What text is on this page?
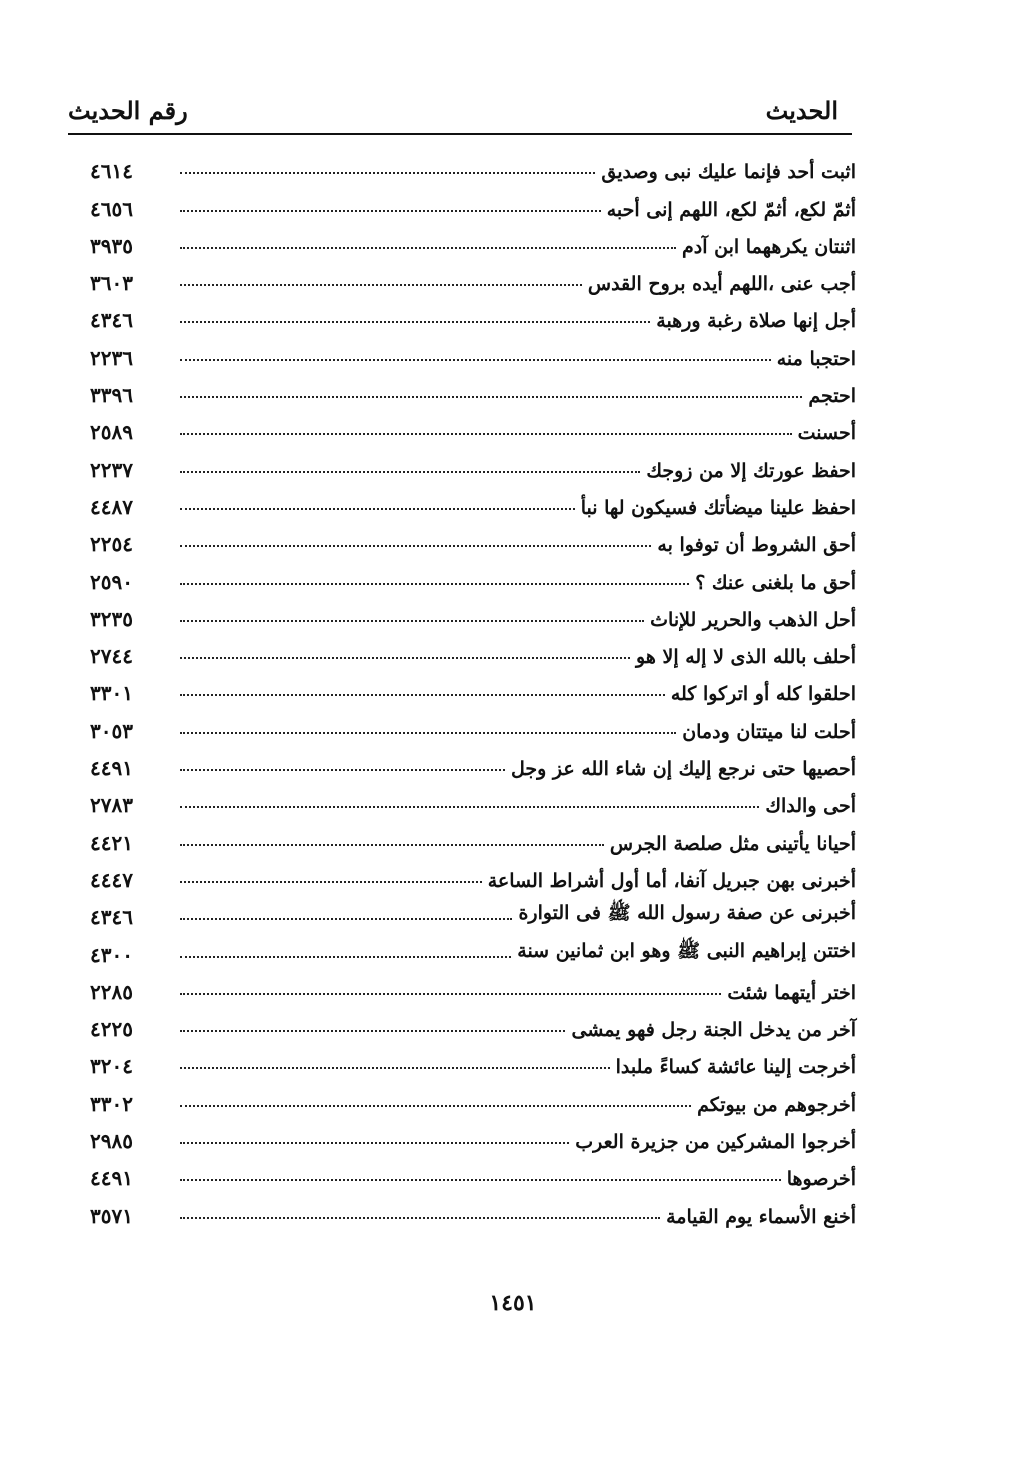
الحديث
رقم الحديث
اثبت أحد فإنما عليك نبى وصديق
٤٦١٤
أثمّ لكع، أثمّ لكع، اللهم إنى أحبه
٤٦٥٦
اثنتان يكرههما ابن آدم
٣٩٣٥
أجب عنى ،اللهم أيده بروح القدس
٣٦٠٣
أجل إنها صلاة رغبة ورهبة
٤٣٤٦
احتجبا منه
٢٢٣٦
احتجم
٣٣٩٦
أحسنت
٢٥٨٩
احفظ عورتك إلا من زوجك
٢٢٣٧
احفظ علينا ميضأتك فسيكون لها نبأ
٤٤٨٧
أحق الشروط أن توفوا به
٢٢٥٤
أحق ما بلغنى عنك ؟
٢٥٩٠
أحل الذهب والحرير للإناث
٣٢٣٥
أحلف بالله الذى لا إله إلا هو
٢٧٤٤
احلقوا كله أو اتركوا كله
٣٣٠١
أحلت لنا ميتتان ودمان
٣٠٥٣
أحصيها حتى نرجع إليك إن شاء الله عز وجل
٤٤٩١
أحى والداك
٢٧٨٣
أحيانا يأتينى مثل صلصة الجرس
٤٤٢١
أخبرنى بهن جبريل آنفا، أما أول أشراط الساعة
٤٤٤٧
أخبرنى عن صفة رسول الله ﷺ فى التوارة
٤٣٤٦
اختتن إبراهيم النبى ﷺ وهو ابن ثمانين سنة
٤٣٠٠
اختر أيتهما شئت
٢٢٨٥
آخر من يدخل الجنة رجل فهو يمشى
٤٢٢٥
أخرجت إلينا عائشة كساءً ملبدا
٣٢٠٤
أخرجوهم من بيوتكم
٣٣٠٢
أخرجوا المشركين من جزيرة العرب
٢٩٨٥
أخرصوها
٤٤٩١
أخنع الأسماء يوم القيامة
٣٥٧١
١٤٥١
